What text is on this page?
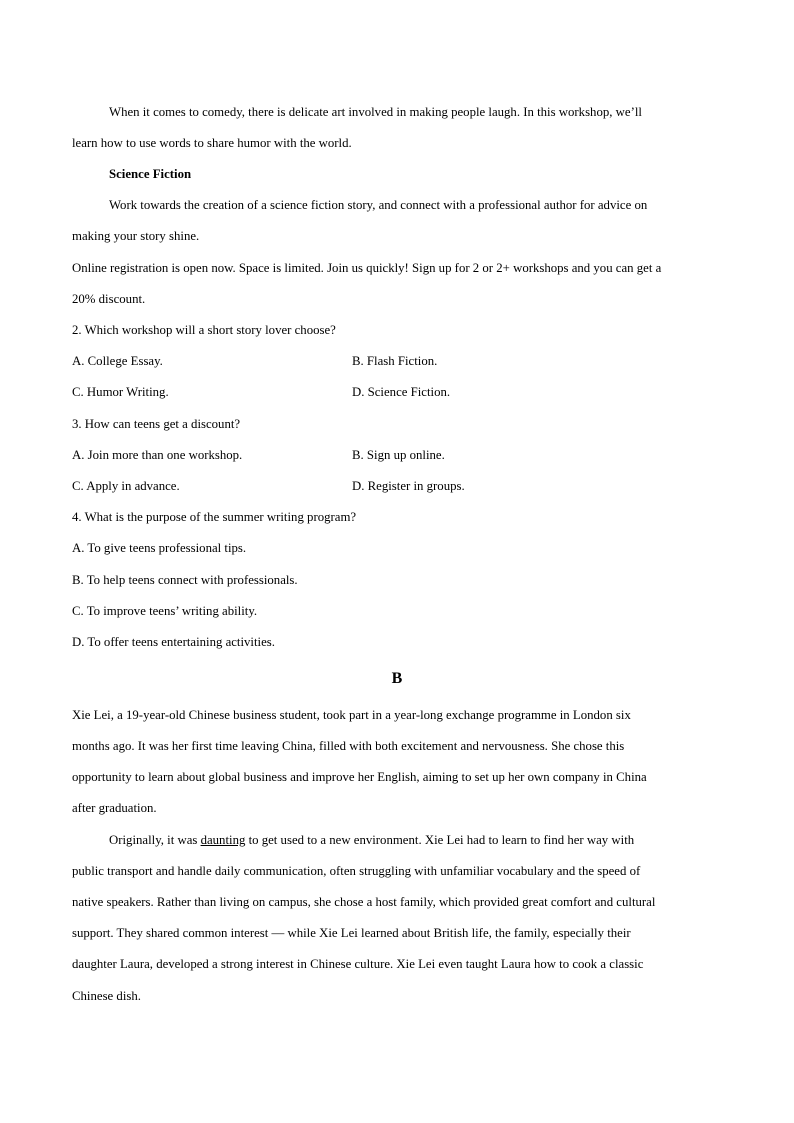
When it comes to comedy, there is delicate art involved in making people laugh. In this workshop, we’ll
learn how to use words to share humor with the world.
Science Fiction
Work towards the creation of a science fiction story, and connect with a professional author for advice on
making your story shine.
Online registration is open now. Space is limited. Join us quickly! Sign up for 2 or 2+ workshops and you can get a
20% discount.
2. Which workshop will a short story lover choose?
A. College Essay.	B. Flash Fiction.
C. Humor Writing.	D. Science Fiction.
3. How can teens get a discount?
A. Join more than one workshop.	B. Sign up online.
C. Apply in advance.	D. Register in groups.
4. What is the purpose of the summer writing program?
A. To give teens professional tips.
B. To help teens connect with professionals.
C. To improve teens’ writing ability.
D. To offer teens entertaining activities.
B
Xie Lei, a 19-year-old Chinese business student, took part in a year-long exchange programme in London six
months ago. It was her first time leaving China, filled with both excitement and nervousness. She chose this
opportunity to learn about global business and improve her English, aiming to set up her own company in China
after graduation.
Originally, it was daunting to get used to a new environment. Xie Lei had to learn to find her way with
public transport and handle daily communication, often struggling with unfamiliar vocabulary and the speed of
native speakers. Rather than living on campus, she chose a host family, which provided great comfort and cultural
support. They shared common interest — while Xie Lei learned about British life, the family, especially their
daughter Laura, developed a strong interest in Chinese culture. Xie Lei even taught Laura how to cook a classic
Chinese dish.
